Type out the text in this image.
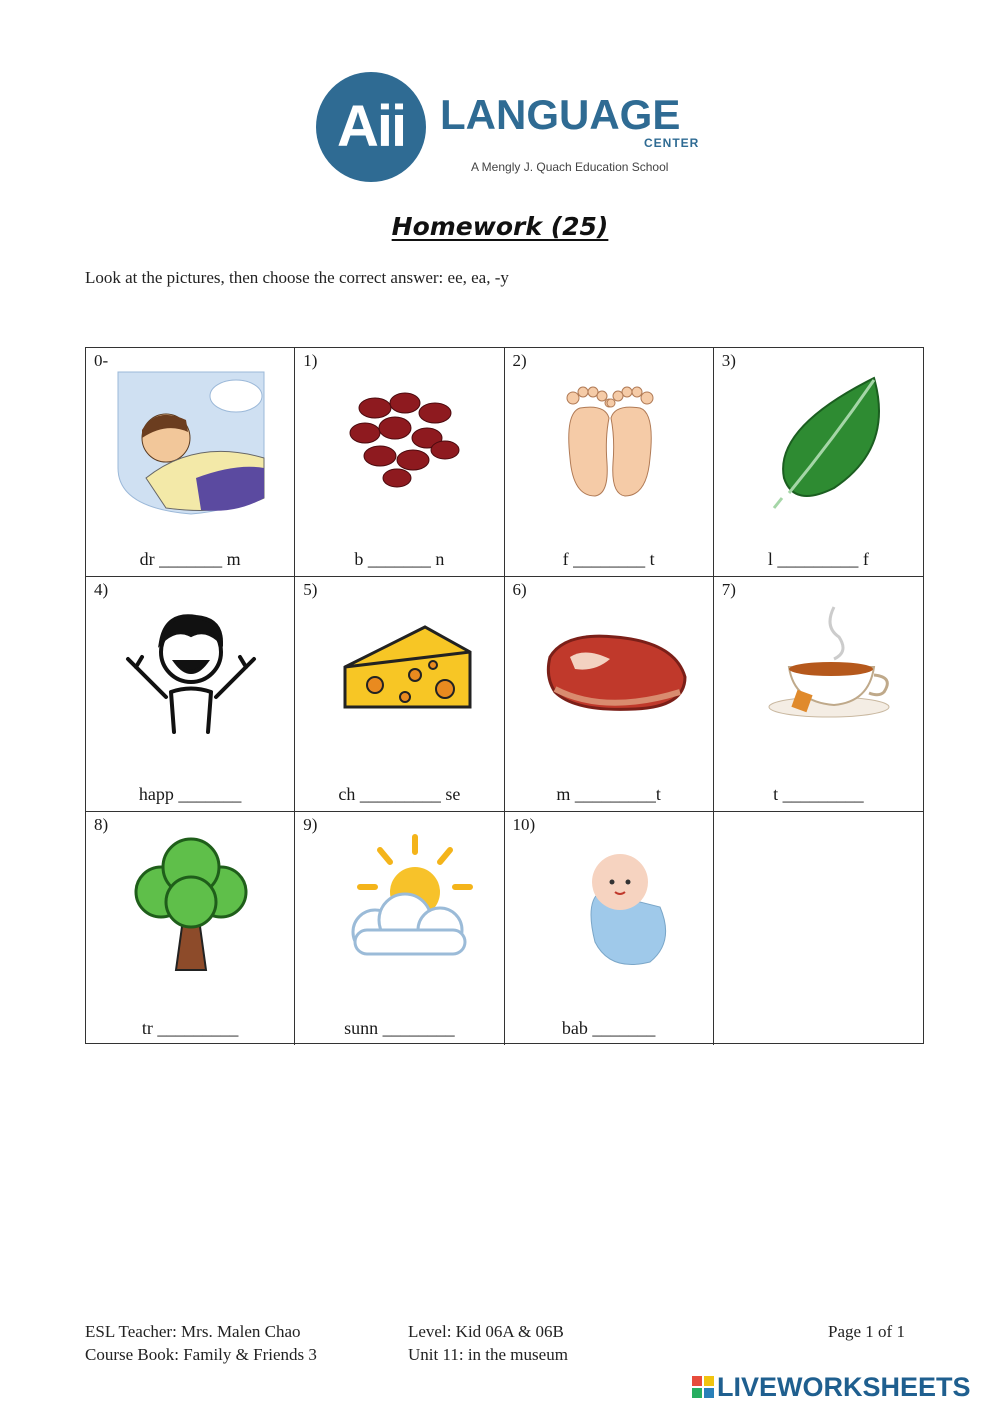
Aii LANGUAGE
CENTER
A Mengly J. Quach Education School
Homework (25)
Look at the pictures, then choose the correct answer: ee, ea, -y
0-
dr _______ m
1)
b _______ n
2)
f ________ t
3)
l _________ f
4)
happ _______
5)
ch _________ se
6)
m _________t
7)
t _________
8)
tr _________
9)
sunn ________
10)
bab _______
ESL Teacher: Mrs. Malen Chao
Course Book: Family & Friends 3
Level: Kid 06A & 06B
Unit 11: in the museum
Page 1 of 1
LIVEWORKSHEETS
